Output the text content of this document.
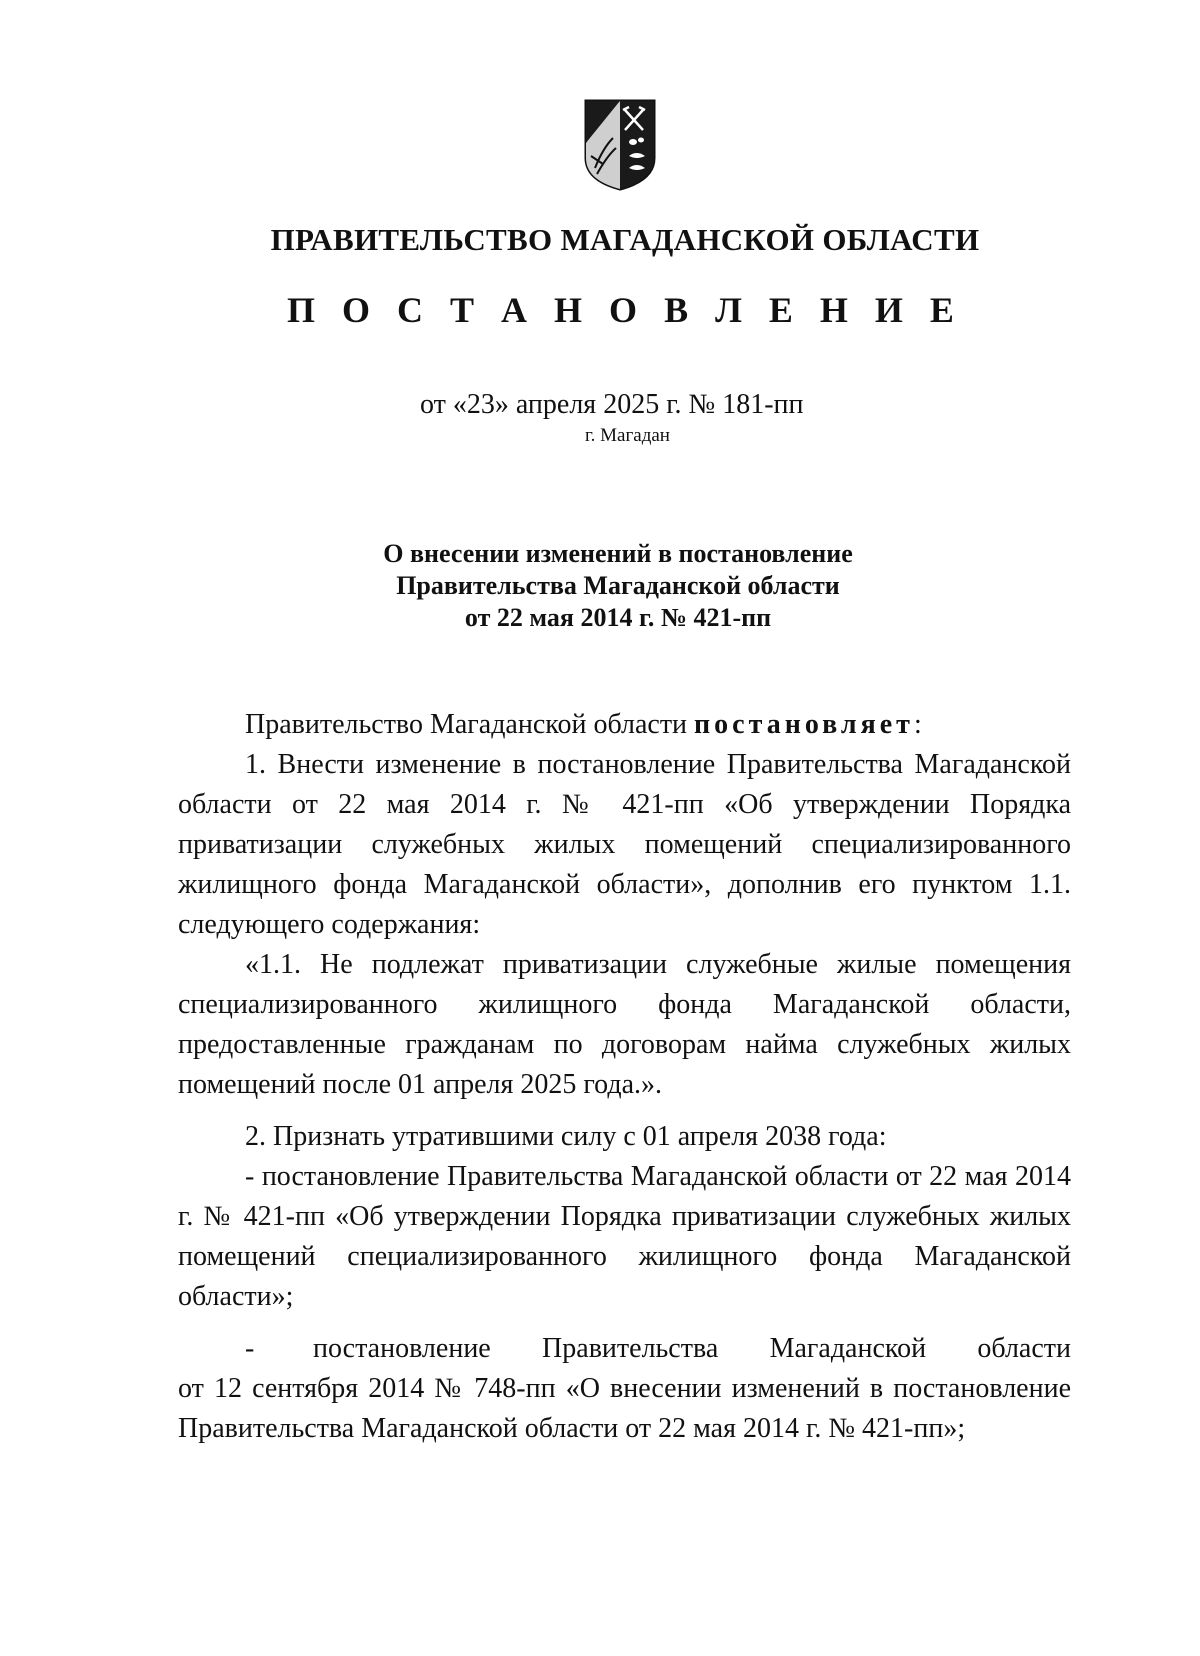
ПРАВИТЕЛЬСТВО МАГАДАНСКОЙ ОБЛАСТИ
П О С Т А Н О В Л Е Н И Е
от «23» апреля 2025 г. № 181-пп
г. Магадан
О внесении изменений в постановление
Правительства Магаданской области
от 22 мая 2014 г. № 421-пп

Правительство Магаданской области постановляет:

1. Внести изменение в постановление Правительства Магаданской области от 22 мая 2014 г. № 421-пп «Об утверждении Порядка приватизации служебных жилых помещений специализированного жилищного фонда Магаданской области», дополнив его пунктом 1.1. следующего содержания:

«1.1. Не подлежат приватизации служебные жилые помещения специализированного жилищного фонда Магаданской области, предоставленные гражданам по договорам найма служебных жилых помещений после 01 апреля 2025 года.».

2. Признать утратившими силу с 01 апреля 2038 года:

- постановление Правительства Магаданской области от 22 мая 2014 г. № 421-пп «Об утверждении Порядка приватизации служебных жилых помещений специализированного жилищного фонда Магаданской области»;

-        постановление       Правительства       Магаданской       области

от 12 сентября 2014 № 748-пп «О внесении изменений в постановление Правительства Магаданской области от 22 мая 2014 г. № 421-пп»;
